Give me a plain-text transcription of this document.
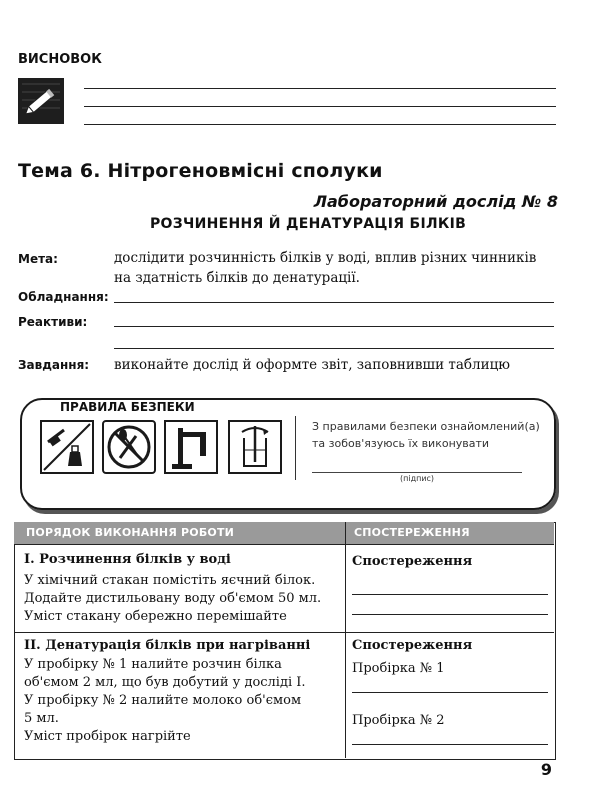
ВИСНОВОК
Тема 6. Нітрогеновмісні сполуки
Лабораторний дослід № 8
РОЗЧИНЕННЯ Й ДЕНАТУРАЦІЯ БІЛКІВ
Мета:	дослідити розчинність білків у воді, вплив різних чинників
на здатність білків до денатурації.
Обладнання:
Реактиви:
Завдання: виконайте дослід й оформте звіт, заповнивши таблицю
ПРАВИЛА БЕЗПЕКИ
З правилами безпеки ознайомлений(а)
та зобов'язуюсь їх виконувати
(підпис)
ПОРЯДОК ВИКОНАННЯ РОБОТИ	СПОСТЕРЕЖЕННЯ
І. Розчинення білків у воді
У хімічний стакан помістіть яєчний білок.
Додайте дистильовану воду об'ємом 50 мл.
Уміст стакану обережно перемішайте
Спостереження
ІІ. Денатурація білків при нагріванні
У пробірку № 1 налийте розчин білка
об'ємом 2 мл, що був добутий у досліді І.
У пробірку № 2 налийте молоко об'ємом
5 мл.
Уміст пробірок нагрійте
Спостереження
Пробірка № 1
Пробірка № 2
9
